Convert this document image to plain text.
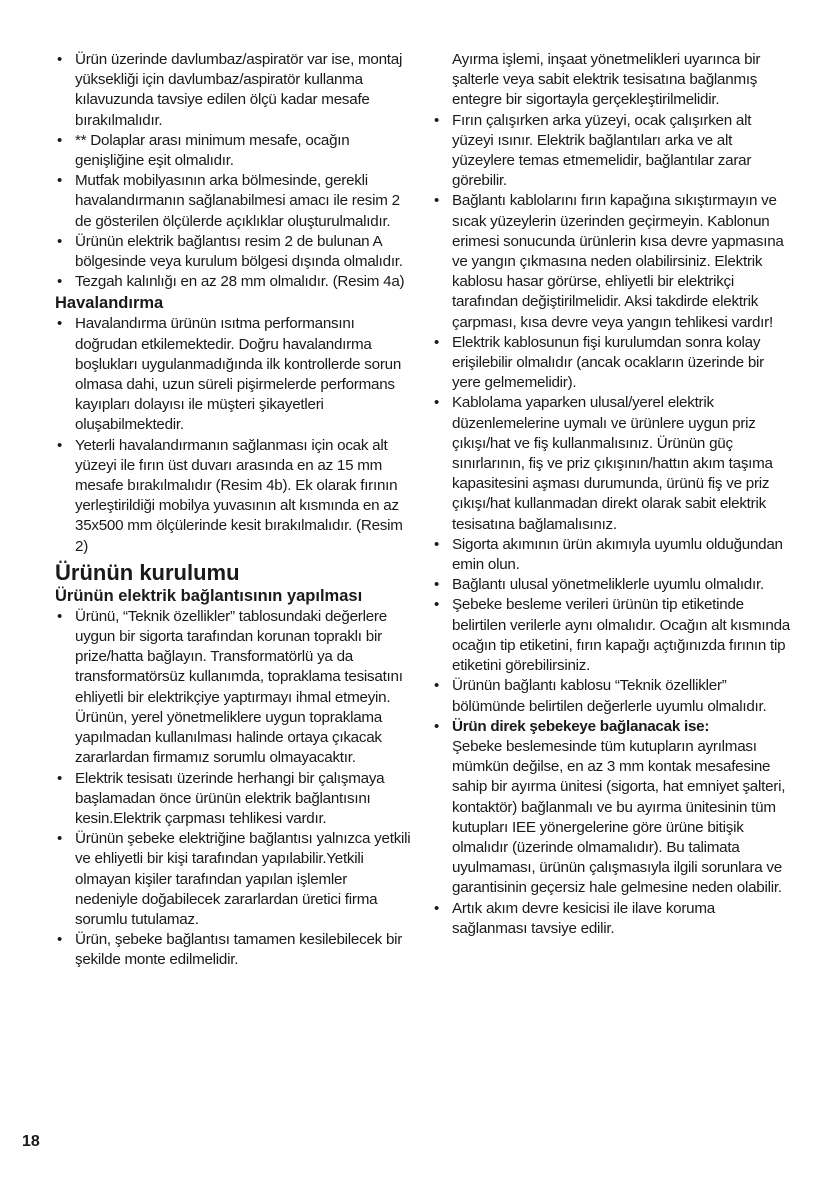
• Ürün üzerinde davlumbaz/aspiratör var ise, montaj yüksekliği için davlumbaz/aspiratör kullanma kılavuzunda tavsiye edilen ölçü kadar mesafe bırakılmalıdır.
• ** Dolaplar arası minimum mesafe, ocağın genişliğine eşit olmalıdır.
• Mutfak mobilyasının arka bölmesinde, gerekli havalandırmanın sağlanabilmesi amacı ile resim 2 de gösterilen ölçülerde açıklıklar oluşturulmalıdır.
• Ürünün elektrik bağlantısı resim 2 de bulunan A bölgesinde veya kurulum bölgesi dışında olmalıdır.
• Tezgah kalınlığı en az 28 mm olmalıdır. (Resim 4a)
Havalandırma
• Havalandırma ürünün ısıtma performansını doğrudan etkilemektedir. Doğru havalandırma boşlukları uygulanmadığında ilk kontrollerde sorun olmasa dahi, uzun süreli pişirmelerde performans kayıpları dolayısı ile müşteri şikayetleri oluşabilmektedir.
• Yeterli havalandırmanın sağlanması için ocak alt yüzeyi ile fırın üst duvarı arasında en az 15 mm mesafe bırakılmalıdır (Resim 4b). Ek olarak fırının yerleştirildiği mobilya yuvasının alt kısmında en az 35x500 mm ölçülerinde kesit bırakılmalıdır. (Resim 2)
Ürünün kurulumu
Ürünün elektrik bağlantısının yapılması
• Ürünü, “Teknik özellikler” tablosundaki değerlere uygun bir sigorta tarafından korunan topraklı bir prize/hatta bağlayın. Transformatörlü ya da transformatörsüz kullanımda, topraklama tesisatını ehliyetli bir elektrikçiye yaptırmayı ihmal etmeyin. Ürünün, yerel yönetmeliklere uygun topraklama yapılmadan kullanılması halinde ortaya çıkacak zararlardan firmamız sorumlu olmayacaktır.
• Elektrik tesisatı üzerinde herhangi bir çalışmaya başlamadan önce ürünün elektrik bağlantısını kesin.Elektrik çarpması tehlikesi vardır.
• Ürünün şebeke elektriğine bağlantısı yalnızca yetkili ve ehliyetli bir kişi tarafından yapılabilir.Yetkili olmayan kişiler tarafından yapılan işlemler nedeniyle doğabilecek zararlardan üretici firma sorumlu tutulamaz.
• Ürün, şebeke bağlantısı tamamen kesilebilecek bir şekilde monte edilmelidir.

Ayırma işlemi, inşaat yönetmelikleri uyarınca bir şalterle veya sabit elektrik tesisatına bağlanmış entegre bir sigortayla gerçekleştirilmelidir.

• Fırın çalışırken arka yüzeyi, ocak çalışırken alt yüzeyi ısınır. Elektrik bağlantıları arka ve alt yüzeylere temas etmemelidir, bağlantılar zarar görebilir.
• Bağlantı kablolarını fırın kapağına sıkıştırmayın ve sıcak yüzeylerin üzerinden geçirmeyin. Kablonun erimesi sonucunda ürünlerin kısa devre yapmasına ve yangın çıkmasına neden olabilirsiniz. Elektrik kablosu hasar görürse, ehliyetli bir elektrikçi tarafından değiştirilmelidir. Aksi takdirde elektrik çarpması, kısa devre veya yangın tehlikesi vardır!
• Elektrik kablosunun fişi kurulumdan sonra kolay erişilebilir olmalıdır (ancak ocakların üzerinde bir yere gelmemelidir).
• Kablolama yaparken ulusal/yerel elektrik düzenlemelerine uymalı ve ürünlere uygun priz çıkışı/hat ve fiş kullanmalısınız. Ürünün güç sınırlarının, fiş ve priz çıkışının/hattın akım taşıma kapasitesini aşması durumunda, ürünü fiş ve priz çıkışı/hat kullanmadan direkt olarak sabit elektrik tesisatına bağlamalısınız.
• Sigorta akımının ürün akımıyla uyumlu olduğundan emin olun.
• Bağlantı ulusal yönetmeliklerle uyumlu olmalıdır.
• Şebeke besleme verileri ürünün tip etiketinde belirtilen verilerle aynı olmalıdır. Ocağın alt kısmında ocağın tip etiketini, fırın kapağı açtığınızda fırının tip etiketini görebilirsiniz.
• Ürünün bağlantı kablosu “Teknik özellikler” bölümünde belirtilen değerlerle uyumlu olmalıdır.
• Ürün direk şebekeye bağlanacak ise:
Şebeke beslemesinde tüm kutupların ayrılması mümkün değilse, en az 3 mm kontak mesafesine sahip bir ayırma ünitesi (sigorta, hat emniyet şalteri, kontaktör) bağlanmalı ve bu ayırma ünitesinin tüm kutupları IEE yönergelerine göre ürüne bitişik olmalıdır (üzerinde olmamalıdır). Bu talimata uyulmaması, ürünün çalışmasıyla ilgili sorunlara ve garantisinin geçersiz hale gelmesine neden olabilir.
• Artık akım devre kesicisi ile ilave koruma sağlanması tavsiye edilir.
18
